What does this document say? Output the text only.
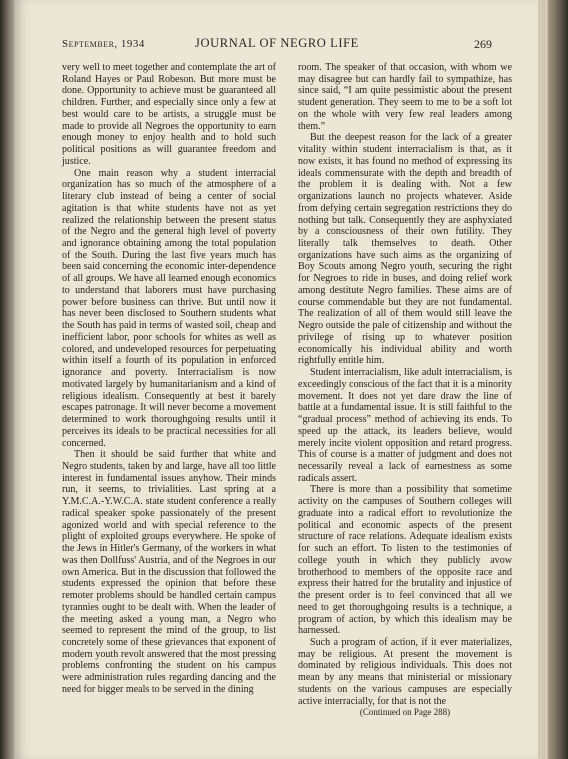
September, 1934	JOURNAL OF NEGRO LIFE	269

very well to meet together and contemplate the art of Roland Hayes or Paul Robeson. But more must be done. Opportunity to achieve must be guaranteed all children. Further, and especially since only a few at best would care to be artists, a struggle must be made to provide all Negroes the opportunity to earn enough money to enjoy health and to hold such political positions as will guarantee freedom and justice.

One main reason why a student interracial organization has so much of the atmosphere of a literary club instead of being a center of social agitation is that white students have not as yet realized the relationship between the present status of the Negro and the general high level of poverty and ignorance obtaining among the total population of the South. During the last five years much has been said concerning the economic inter-dependence of all groups. We have all learned enough economics to understand that laborers must have purchasing power before business can thrive. But until now it has never been disclosed to Southern students what the South has paid in terms of wasted soil, cheap and inefficient labor, poor schools for whites as well as colored, and undeveloped resources for perpetuating within itself a fourth of its population in enforced ignorance and poverty. Interracialism is now motivated largely by humanitarianism and a kind of religious idealism. Consequently at best it barely escapes patronage. It will never become a movement determined to work thoroughgoing results until it perceives its ideals to be practical necessities for all concerned.

Then it should be said further that white and Negro students, taken by and large, have all too little interest in fundamental issues anyhow. Their minds run, it seems, to trivialities. Last spring at a Y.M.C.A.-Y.W.C.A. state student conference a really radical speaker spoke passionately of the present agonized world and with special reference to the plight of exploited groups everywhere. He spoke of the Jews in Hitler's Germany, of the workers in what was then Dollfuss' Austria, and of the Negroes in our own America. But in the discussion that followed the students expressed the opinion that before these remoter problems should be handled certain campus tyrannies ought to be dealt with. When the leader of the meeting asked a young man, a Negro who seemed to represent the mind of the group, to list concretely some of these grievances that exponent of modern youth revolt answered that the most pressing problems confronting the student on his campus were administration rules regarding dancing and the need for bigger meals to be served in the dining

room. The speaker of that occasion, with whom we may disagree but can hardly fail to sympathize, has since said, “I am quite pessimistic about the present student generation. They seem to me to be a soft lot on the whole with very few real leaders among them.”

But the deepest reason for the lack of a greater vitality within student interracialism is that, as it now exists, it has found no method of expressing its ideals commensurate with the depth and breadth of the problem it is dealing with. Not a few organizations launch no projects whatever. Aside from defying certain segregation restrictions they do nothing but talk. Consequently they are asphyxiated by a consciousness of their own futility. They literally talk themselves to death. Other organizations have such aims as the organizing of Boy Scouts among Negro youth, securing the right for Negroes to ride in buses, and doing relief work among destitute Negro families. These aims are of course commendable but they are not fundamental. The realization of all of them would still leave the Negro outside the pale of citizenship and without the privilege of rising up to whatever position economically his individual ability and worth rightfully entitle him.

Student interracialism, like adult interracialism, is exceedingly conscious of the fact that it is a minority movement. It does not yet dare draw the line of battle at a fundamental issue. It is still faithful to the “gradual process” method of achieving its ends. To speed up the attack, its leaders believe, would merely incite violent opposition and retard progress. This of course is a matter of judgment and does not necessarily reveal a lack of earnestness as some radicals assert.

There is more than a possibility that sometime activity on the campuses of Southern colleges will graduate into a radical effort to revolutionize the political and economic aspects of the present structure of race relations. Adequate idealism exists for such an effort. To listen to the testimonies of college youth in which they publicly avow brotherhood to members of the opposite race and express their hatred for the brutality and injustice of the present order is to feel convinced that all we need to get thoroughgoing results is a technique, a program of action, by which this idealism may be harnessed.

Such a program of action, if it ever materializes, may be religious. At present the movement is dominated by religious individuals. This does not mean by any means that ministerial or missionary students on the various campuses are especially active interracially, for that is not the

(Continued on Page 288)
